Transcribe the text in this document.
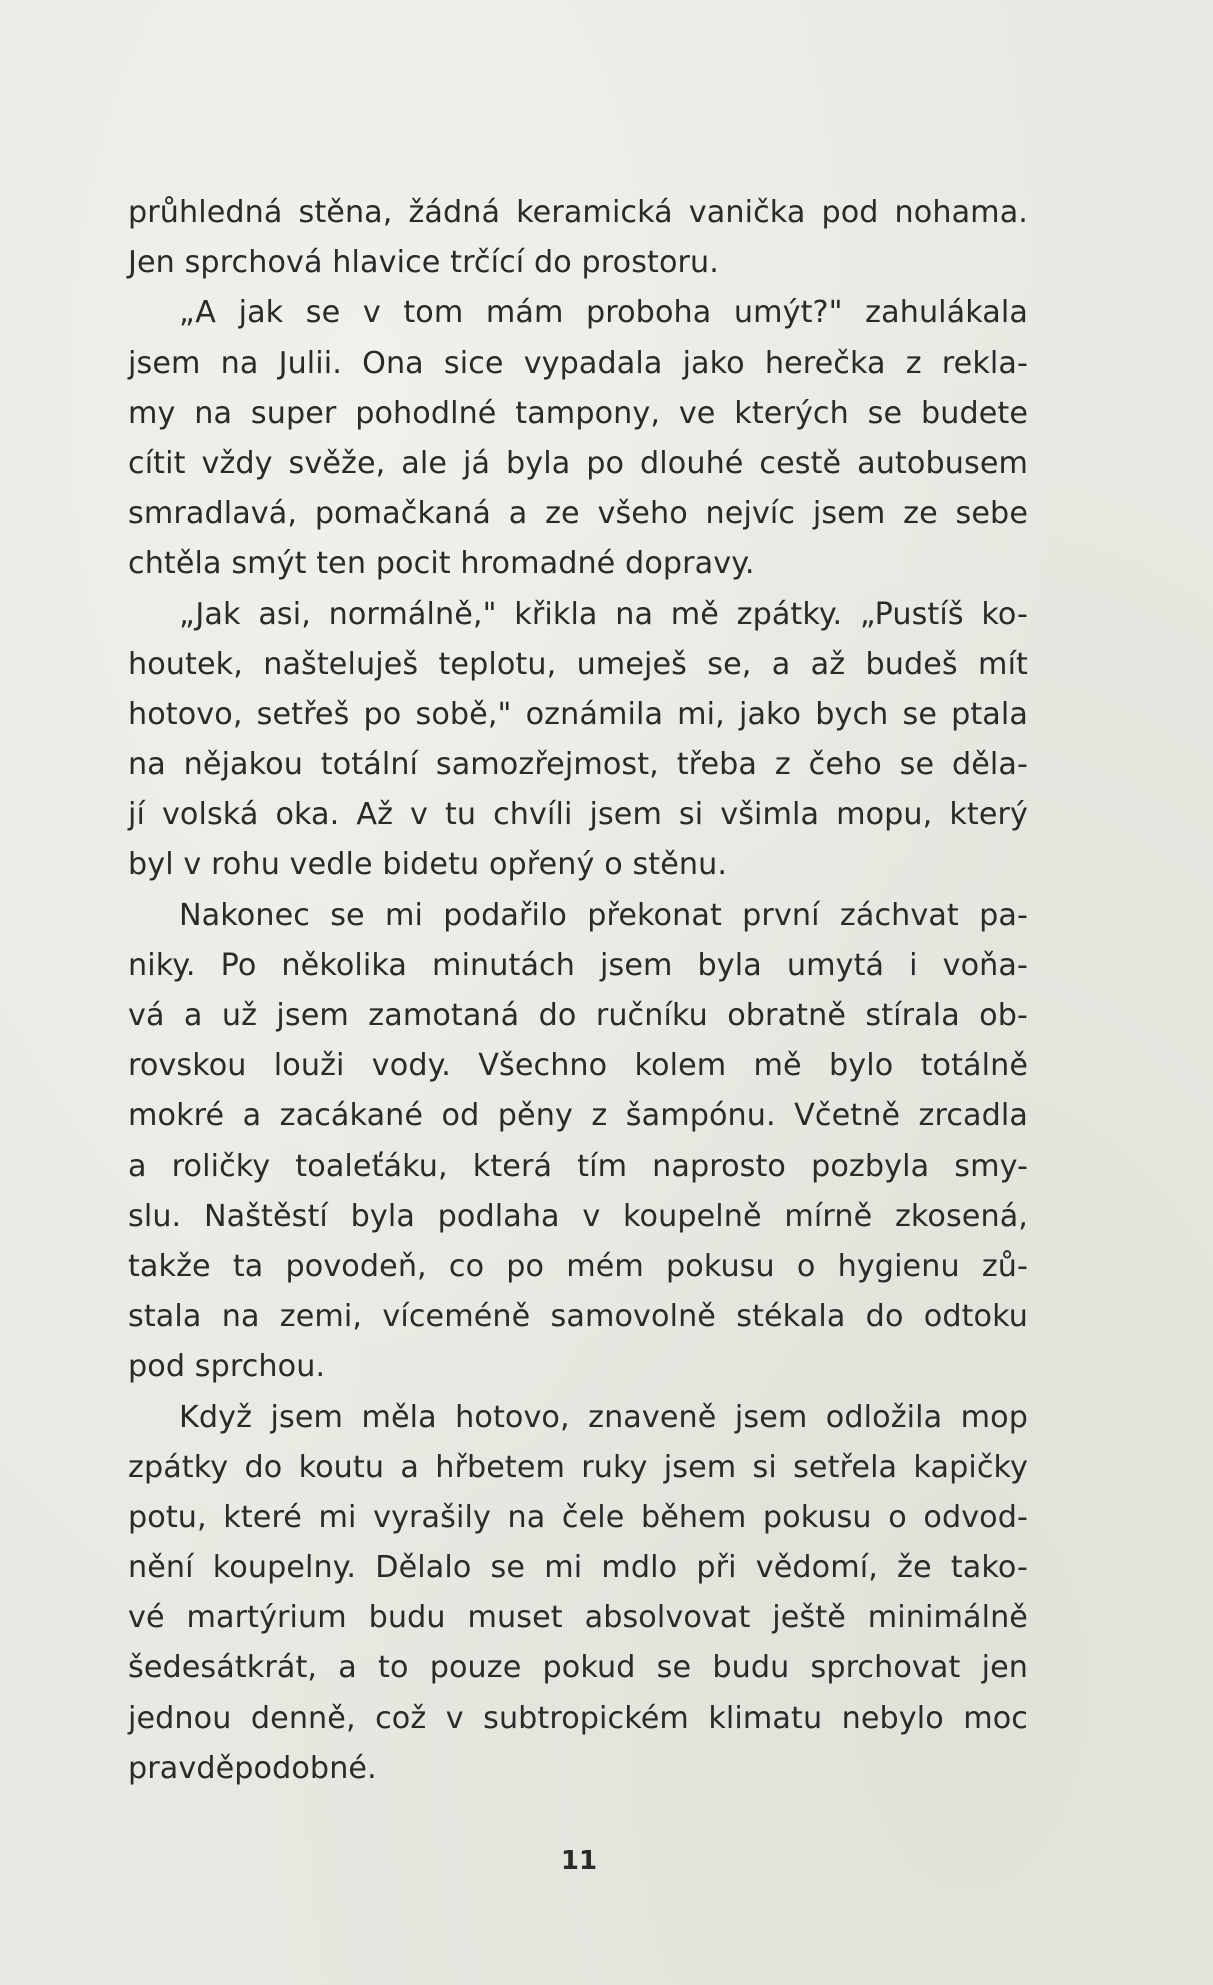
průhledná stěna, žádná keramická vanička pod nohama.
Jen sprchová hlavice trčící do prostoru.
„A jak se v tom mám proboha umýt?" zahulákala
jsem na Julii. Ona sice vypadala jako herečka z rekla-
my na super pohodlné tampony, ve kterých se budete
cítit vždy svěže, ale já byla po dlouhé cestě autobusem
smradlavá, pomačkaná a ze všeho nejvíc jsem ze sebe
chtěla smýt ten pocit hromadné dopravy.
„Jak asi, normálně," křikla na mě zpátky. „Pustíš ko-
houtek, našteluješ teplotu, umeješ se, a až budeš mít
hotovo, setřeš po sobě," oznámila mi, jako bych se ptala
na nějakou totální samozřejmost, třeba z čeho se děla-
jí volská oka. Až v tu chvíli jsem si všimla mopu, který
byl v rohu vedle bidetu opřený o stěnu.
Nakonec se mi podařilo překonat první záchvat pa-
niky. Po několika minutách jsem byla umytá i voňa-
vá a už jsem zamotaná do ručníku obratně stírala ob-
rovskou louži vody. Všechno kolem mě bylo totálně
mokré a zacákané od pěny z šampónu. Včetně zrcadla
a roličky toaleťáku, která tím naprosto pozbyla smy-
slu. Naštěstí byla podlaha v koupelně mírně zkosená,
takže ta povodeň, co po mém pokusu o hygienu zů-
stala na zemi, víceméně samovolně stékala do odtoku
pod sprchou.
Když jsem měla hotovo, znaveně jsem odložila mop
zpátky do koutu a hřbetem ruky jsem si setřela kapičky
potu, které mi vyrašily na čele během pokusu o odvod-
nění koupelny. Dělalo se mi mdlo při vědomí, že tako-
vé martýrium budu muset absolvovat ještě minimálně
šedesátkrát, a to pouze pokud se budu sprchovat jen
jednou denně, což v subtropickém klimatu nebylo moc
pravděpodobné.
11
